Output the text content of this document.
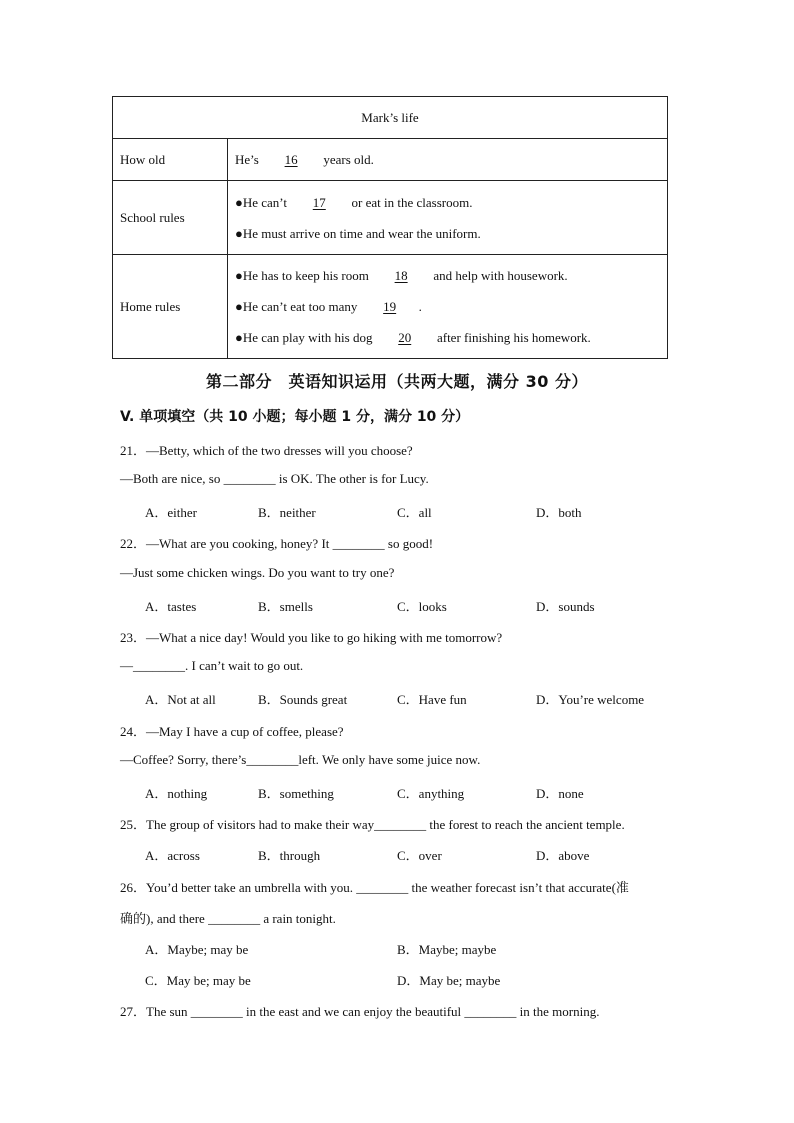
Mark’s life	
How old	He’s 16 years old.

School rules	●He can’t 17 or eat in the classroom.
●He must arrive on time and wear the uniform.

Home rules	●He has to keep his room 18 and help with housework.
●He can’t eat too many 19 .
●He can play with his dog 20 after finishing his homework.
第二部分　英语知识运用（共两大题，满分 30 分）
V. 单项填空（共 10 小题；每小题 1 分，满分 10 分）
21．—Betty, which of the two dresses will you choose?
—Both are nice, so ________ is OK. The other is for Lucy.
A．either	B．neither	C．all	D．both
22．—What are you cooking, honey? It ________ so good!
—Just some chicken wings. Do you want to try one?
A．tastes	B．smells	C．looks	D．sounds
23．—What a nice day! Would you like to go hiking with me tomorrow?
—________. I can’t wait to go out.
A．Not at all	B．Sounds great	C．Have fun	D．You’re welcome
24．—May I have a cup of coffee, please?
—Coffee? Sorry, there’s________left. We only have some juice now.
A．nothing	B．something	C．anything	D．none
25．The group of visitors had to make their way________ the forest to reach the ancient temple.
A．across	B．through	C．over	D．above
26．You’d better take an umbrella with you. ________ the weather forecast isn’t that accurate(准
确的), and there ________ a rain tonight.
A．Maybe; may be	B．Maybe; maybe
C．May be; may be	D．May be; maybe
27．The sun ________ in the east and we can enjoy the beautiful ________ in the morning.
